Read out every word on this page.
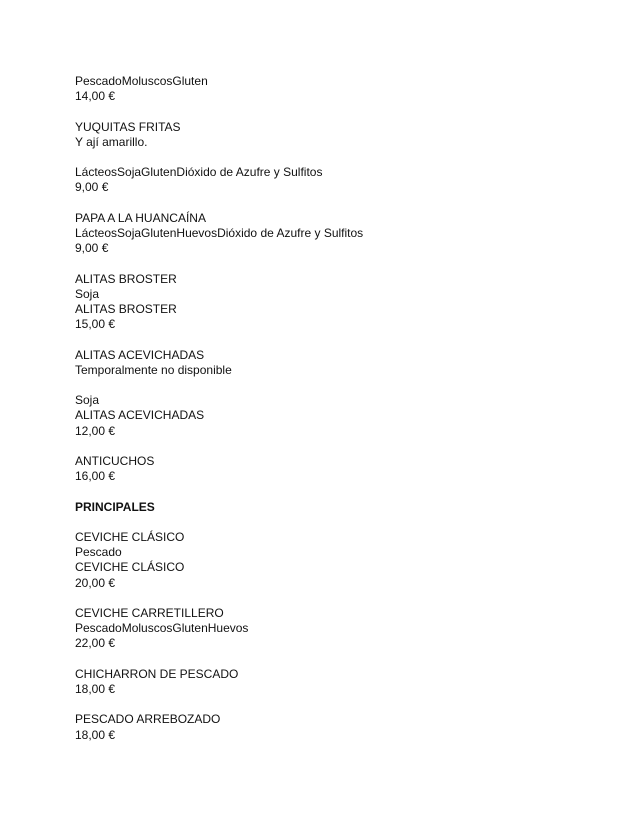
PescadoMoluscosGluten
14,00 €
YUQUITAS FRITAS
Y ají amarillo.
LácteosSojaGlutenDióxido de Azufre y Sulfitos
9,00 €
PAPA A LA HUANCAÍNA
LácteosSojaGlutenHuevosDióxido de Azufre y Sulfitos
9,00 €
ALITAS BROSTER
Soja
ALITAS BROSTER
15,00 €
ALITAS ACEVICHADAS
Temporalmente no disponible
Soja
ALITAS ACEVICHADAS
12,00 €
ANTICUCHOS
16,00 €
PRINCIPALES
CEVICHE CLÁSICO
Pescado
CEVICHE CLÁSICO
20,00 €
CEVICHE CARRETILLERO
PescadoMoluscosGlutenHuevos
22,00 €
CHICHARRON DE PESCADO
18,00 €
PESCADO ARREBOZADO
18,00 €
